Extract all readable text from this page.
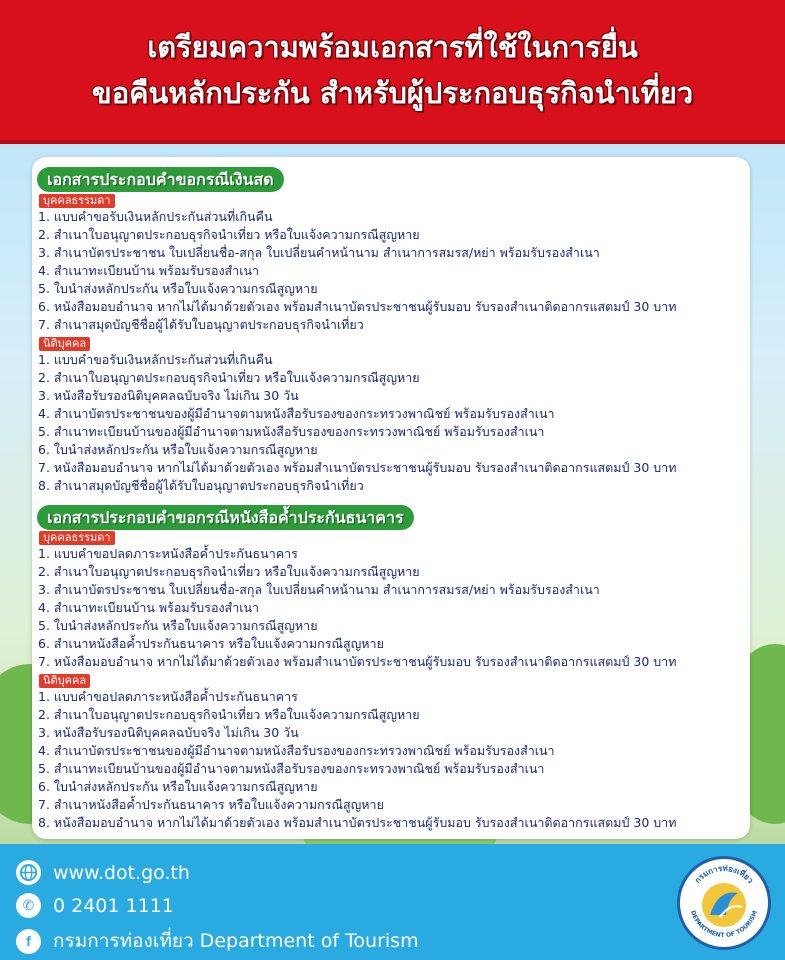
เตรียมความพร้อมเอกสารที่ใช้ในการยื่น
ขอคืนหลักประกัน สำหรับผู้ประกอบธุรกิจนำเที่ยว
เอกสารประกอบคำขอกรณีเงินสด
บุคคลธรรมดา
1. แบบคำขอรับเงินหลักประกันส่วนที่เกินคืน
2. สำเนาใบอนุญาตประกอบธุรกิจนำเที่ยว หรือใบแจ้งความกรณีสูญหาย
3. สำเนาบัตรประชาชน ใบเปลี่ยนชื่อ-สกุล ใบเปลี่ยนคำหน้านาม สำเนาการสมรส/หย่า พร้อมรับรองสำเนา
4. สำเนาทะเบียนบ้าน พร้อมรับรองสำเนา
5. ใบนำส่งหลักประกัน หรือใบแจ้งความกรณีสูญหาย
6. หนังสือมอบอำนาจ หากไม่ได้มาด้วยตัวเอง พร้อมสำเนาบัตรประชาชนผู้รับมอบ รับรองสำเนาติดอากรแสตมป์ 30 บาท
7. สำเนาสมุดบัญชีชื่อผู้ได้รับใบอนุญาตประกอบธุรกิจนำเที่ยว
นิติบุคคล
1. แบบคำขอรับเงินหลักประกันส่วนที่เกินคืน
2. สำเนาใบอนุญาตประกอบธุรกิจนำเที่ยว หรือใบแจ้งความกรณีสูญหาย
3. หนังสือรับรองนิติบุคคลฉบับจริง ไม่เกิน 30 วัน
4. สำเนาบัตรประชาชนของผู้มีอำนาจตามหนังสือรับรองของกระทรวงพาณิชย์ พร้อมรับรองสำเนา
5. สำเนาทะเบียนบ้านของผู้มีอำนาจตามหนังสือรับรองของกระทรวงพาณิชย์ พร้อมรับรองสำเนา
6. ใบนำส่งหลักประกัน หรือใบแจ้งความกรณีสูญหาย
7. หนังสือมอบอำนาจ หากไม่ได้มาด้วยตัวเอง พร้อมสำเนาบัตรประชาชนผู้รับมอบ รับรองสำเนาติดอากรแสตมป์ 30 บาท
8. สำเนาสมุดบัญชีชื่อผู้ได้รับใบอนุญาตประกอบธุรกิจนำเที่ยว
เอกสารประกอบคำขอกรณีหนังสือค้ำประกันธนาคาร
บุคคลธรรมดา
1. แบบคำขอปลดภาระหนังสือค้ำประกันธนาคาร
2. สำเนาใบอนุญาตประกอบธุรกิจนำเที่ยว หรือใบแจ้งความกรณีสูญหาย
3. สำเนาบัตรประชาชน ใบเปลี่ยนชื่อ-สกุล ใบเปลี่ยนคำหน้านาม สำเนาการสมรส/หย่า พร้อมรับรองสำเนา
4. สำเนาทะเบียนบ้าน พร้อมรับรองสำเนา
5. ใบนำส่งหลักประกัน หรือใบแจ้งความกรณีสูญหาย
6. สำเนาหนังสือค้ำประกันธนาคาร หรือใบแจ้งความกรณีสูญหาย
7. หนังสือมอบอำนาจ หากไม่ได้มาด้วยตัวเอง พร้อมสำเนาบัตรประชาชนผู้รับมอบ รับรองสำเนาติดอากรแสตมป์ 30 บาท
นิติบุคคล
1. แบบคำขอปลดภาระหนังสือค้ำประกันธนาคาร
2. สำเนาใบอนุญาตประกอบธุรกิจนำเที่ยว หรือใบแจ้งความกรณีสูญหาย
3. หนังสือรับรองนิติบุคคลฉบับจริง ไม่เกิน 30 วัน
4. สำเนาบัตรประชาชนของผู้มีอำนาจตามหนังสือรับรองของกระทรวงพาณิชย์ พร้อมรับรองสำเนา
5. สำเนาทะเบียนบ้านของผู้มีอำนาจตามหนังสือรับรองของกระทรวงพาณิชย์ พร้อมรับรองสำเนา
6. ใบนำส่งหลักประกัน หรือใบแจ้งความกรณีสูญหาย
7. สำเนาหนังสือค้ำประกันธนาคาร หรือใบแจ้งความกรณีสูญหาย
8. หนังสือมอบอำนาจ หากไม่ได้มาด้วยตัวเอง พร้อมสำเนาบัตรประชาชนผู้รับมอบ รับรองสำเนาติดอากรแสตมป์ 30 บาท
www.dot.go.th
✆ 0 2401 1111
f	กรมการท่องเที่ยว Department of Tourism
กรมการท่องเที่ยว
DEPARTMENT OF TOURISM
